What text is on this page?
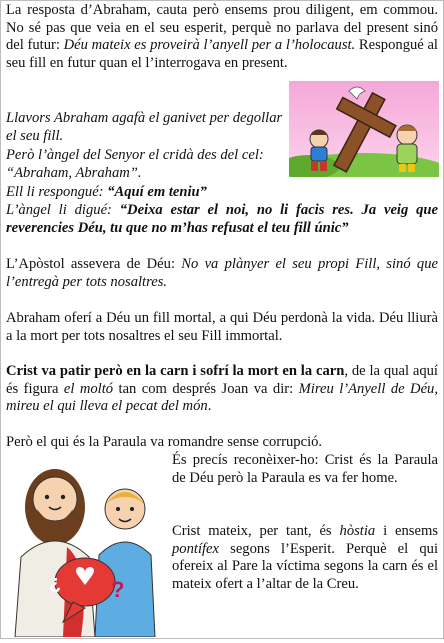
La resposta d’Abraham, cauta però ensems prou diligent, em commou. No sé pas que veia en el seu esperit, perquè no parlava del present sinó del futur: Déu mateix es proveirà l’anyell per a l’holocaust. Respongué al seu fill en futur quan el l’interrogava en present.

Llavors Abraham agafà el ganivet per degollar el seu fill.

Però l’àngel del Senyor el cridà des del cel: “Abraham, Abraham”.

Ell li respongué: “Aquí em teniu”

L’àngel li digué: “Deixa estar el noi, no li facis res. Ja veig que reverencies Déu, tu que no m’has refusat el teu fill únic”

L’Apòstol assevera de Déu: No va plànyer el seu propi Fill, sinó que l’entregà per tots nosaltres.

Abraham oferí a Déu un fill mortal, a qui Déu perdonà la vida. Déu lliurà a la mort per tots nosaltres el seu Fill immortal.

Crist va patir però en la carn i sofrí la mort en la carn, de la qual aquí és figura el moltó tan com després Joan va dir: Mireu l’Anyell de Déu, mireu el qui lleva el pecat del món.

Però el qui és la Paraula va romandre sense corrupció.

¿ ?

És precís reconèixer-ho: Crist és la Paraula de Déu però la Paraula es va fer home.

Crist mateix, per tant, és hòstia i ensems pontífex segons l’Esperit. Perquè el qui ofereix al Pare la víctima segons la carn és el mateix ofert a l’altar de la Creu.
